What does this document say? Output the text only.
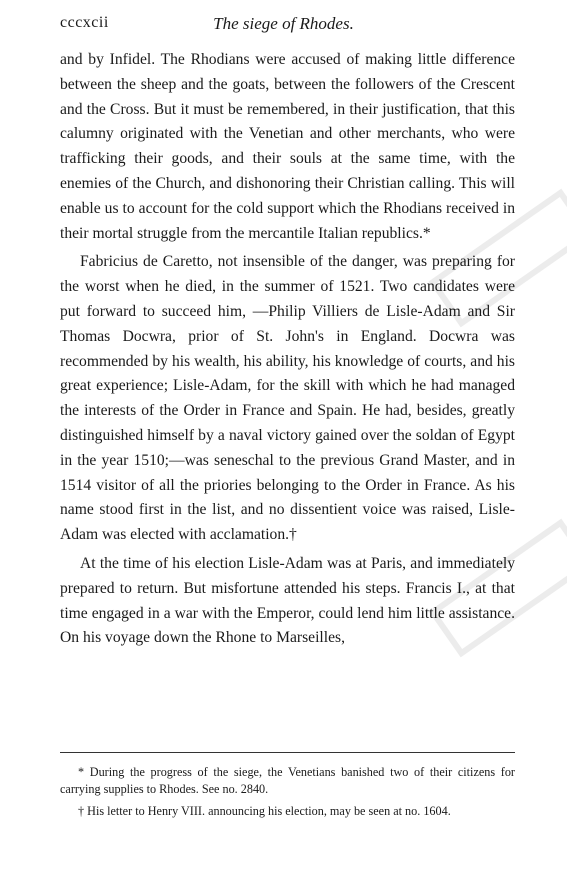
cccxcii	The siege of Rhodes.

and by Infidel. The Rhodians were accused of making little difference between the sheep and the goats, between the followers of the Crescent and the Cross. But it must be remembered, in their justification, that this calumny originated with the Venetian and other merchants, who were trafficking their goods, and their souls at the same time, with the enemies of the Church, and dishonoring their Christian calling. This will enable us to account for the cold support which the Rhodians received in their mortal struggle from the mercantile Italian republics.*

Fabricius de Caretto, not insensible of the danger, was preparing for the worst when he died, in the summer of 1521. Two candidates were put forward to succeed him, —Philip Villiers de Lisle-Adam and Sir Thomas Docwra, prior of St. John's in England. Docwra was recommended by his wealth, his ability, his knowledge of courts, and his great experience; Lisle-Adam, for the skill with which he had managed the interests of the Order in France and Spain. He had, besides, greatly distinguished himself by a naval victory gained over the soldan of Egypt in the year 1510;—was seneschal to the previous Grand Master, and in 1514 visitor of all the priories belonging to the Order in France. As his name stood first in the list, and no dissentient voice was raised, Lisle-Adam was elected with acclamation.†

At the time of his election Lisle-Adam was at Paris, and immediately prepared to return. But misfortune attended his steps. Francis I., at that time engaged in a war with the Emperor, could lend him little assistance. On his voyage down the Rhone to Marseilles,

* During the progress of the siege, the Venetians banished two of their citizens for carrying supplies to Rhodes. See no. 2840.

† His letter to Henry VIII. announcing his election, may be seen at no. 1604.
